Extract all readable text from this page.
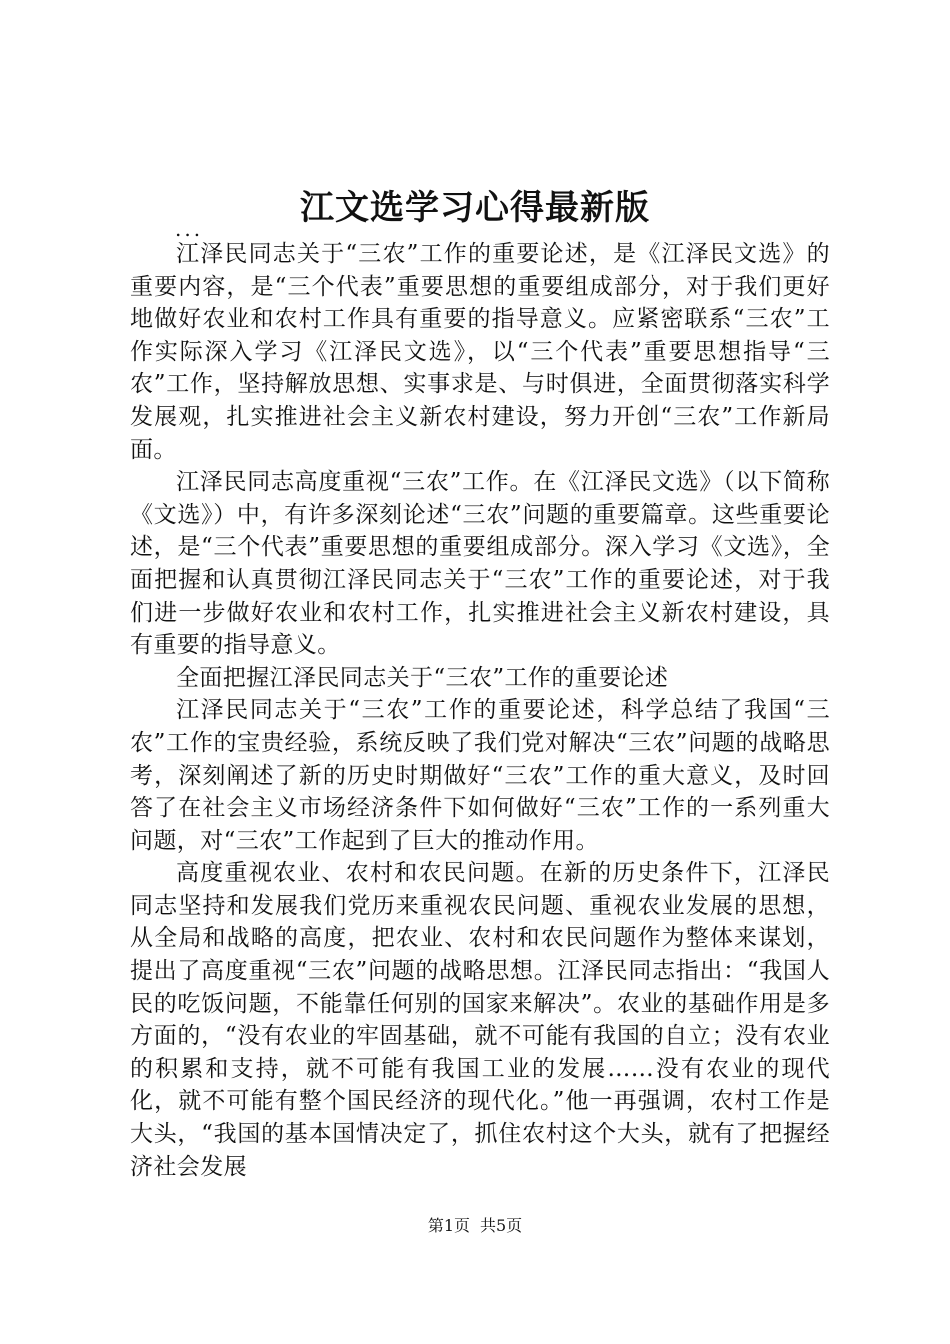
江文选学习心得最新版
...

江泽民同志关于“三农”工作的重要论述，是《江泽民文选》的重要内容，是“三个代表”重要思想的重要组成部分，对于我们更好地做好农业和农村工作具有重要的指导意义。应紧密联系“三农”工作实际深入学习《江泽民文选》，以“三个代表”重要思想指导“三农”工作，坚持解放思想、实事求是、与时俱进，全面贯彻落实科学发展观，扎实推进社会主义新农村建设，努力开创“三农”工作新局面。

江泽民同志高度重视“三农”工作。在《江泽民文选》（以下简称《文选》）中，有许多深刻论述“三农”问题的重要篇章。这些重要论述，是“三个代表”重要思想的重要组成部分。深入学习《文选》，全面把握和认真贯彻江泽民同志关于“三农”工作的重要论述，对于我们进一步做好农业和农村工作，扎实推进社会主义新农村建设，具有重要的指导意义。

全面把握江泽民同志关于“三农”工作的重要论述

江泽民同志关于“三农”工作的重要论述，科学总结了我国“三农”工作的宝贵经验，系统反映了我们党对解决“三农”问题的战略思考，深刻阐述了新的历史时期做好“三农”工作的重大意义，及时回答了在社会主义市场经济条件下如何做好“三农”工作的一系列重大问题，对“三农”工作起到了巨大的推动作用。

高度重视农业、农村和农民问题。在新的历史条件下，江泽民同志坚持和发展我们党历来重视农民问题、重视农业发展的思想，从全局和战略的高度，把农业、农村和农民问题作为整体来谋划，提出了高度重视“三农”问题的战略思想。江泽民同志指出：“我国人民的吃饭问题，不能靠任何别的国家来解决”。农业的基础作用是多方面的，“没有农业的牢固基础，就不可能有我国的自立；没有农业的积累和支持，就不可能有我国工业的发展……没有农业的现代化，就不可能有整个国民经济的现代化。”他一再强调，农村工作是大头，“我国的基本国情决定了，抓住农村这个大头，就有了把握经济社会发展

第1页 共5页
